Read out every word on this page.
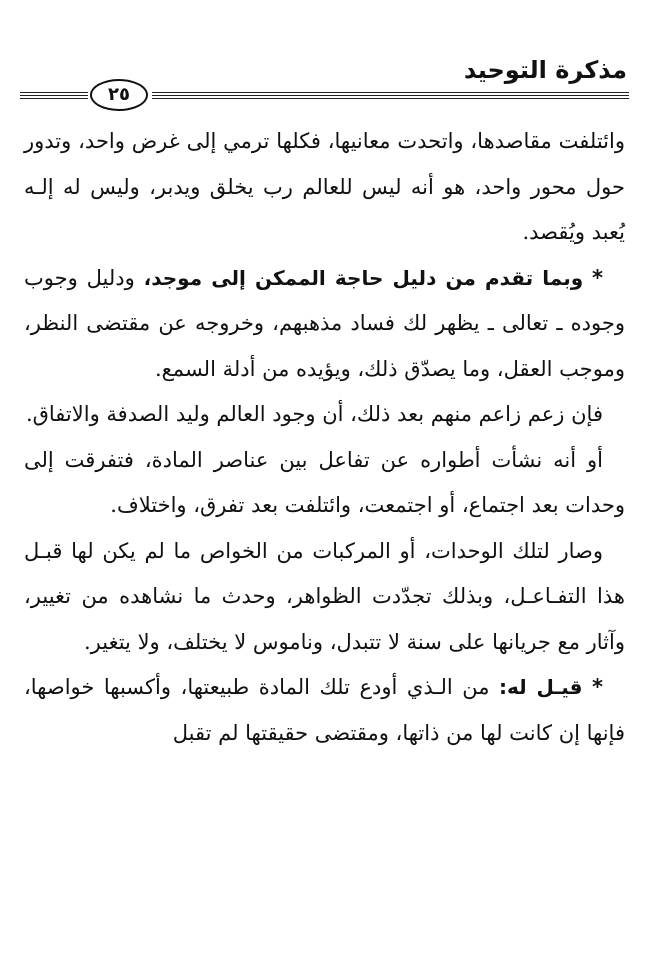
مذكرة التوحيد
٢٥

وائتلفت مقاصدها، واتحدت معانيها، فكلها ترمي إلى غرض واحد، وتدور حول محور واحد، هو أنه ليس للعالم رب يخلق ويدبر، وليس له إلـه يُعبد ويُقصد.

* وبما تقدم من دليل حاجة الممكن إلى موجد، ودليل وجوب وجوده ـ تعالى ـ يظهر لك فساد مذهبهم، وخروجه عن مقتضى النظر، وموجب العقل، وما يصدّق ذلك، ويؤيده من أدلة السمع.

فإن زعم زاعم منهم بعد ذلك، أن وجود العالم وليد الصدفة والاتفاق.

أو أنه نشأت أطواره عن تفاعل بين عناصر المادة، فتفرقت إلى وحدات بعد اجتماع، أو اجتمعت، وائتلفت بعد تفرق، واختلاف.

وصار لتلك الوحدات، أو المركبات من الخواص ما لم يكن لها قبـل هذا التفـاعـل، وبذلك تجدّدت الظواهر، وحدث ما نشاهده من تغيير، وآثار مع جريانها على سنة لا تتبدل، وناموس لا يختلف، ولا يتغير.

* قيـل له: من الـذي أودع تلك المادة طبيعتها، وأكسبها خواصها، فإنها إن كانت لها من ذاتها، ومقتضى حقيقتها لم تقبل
